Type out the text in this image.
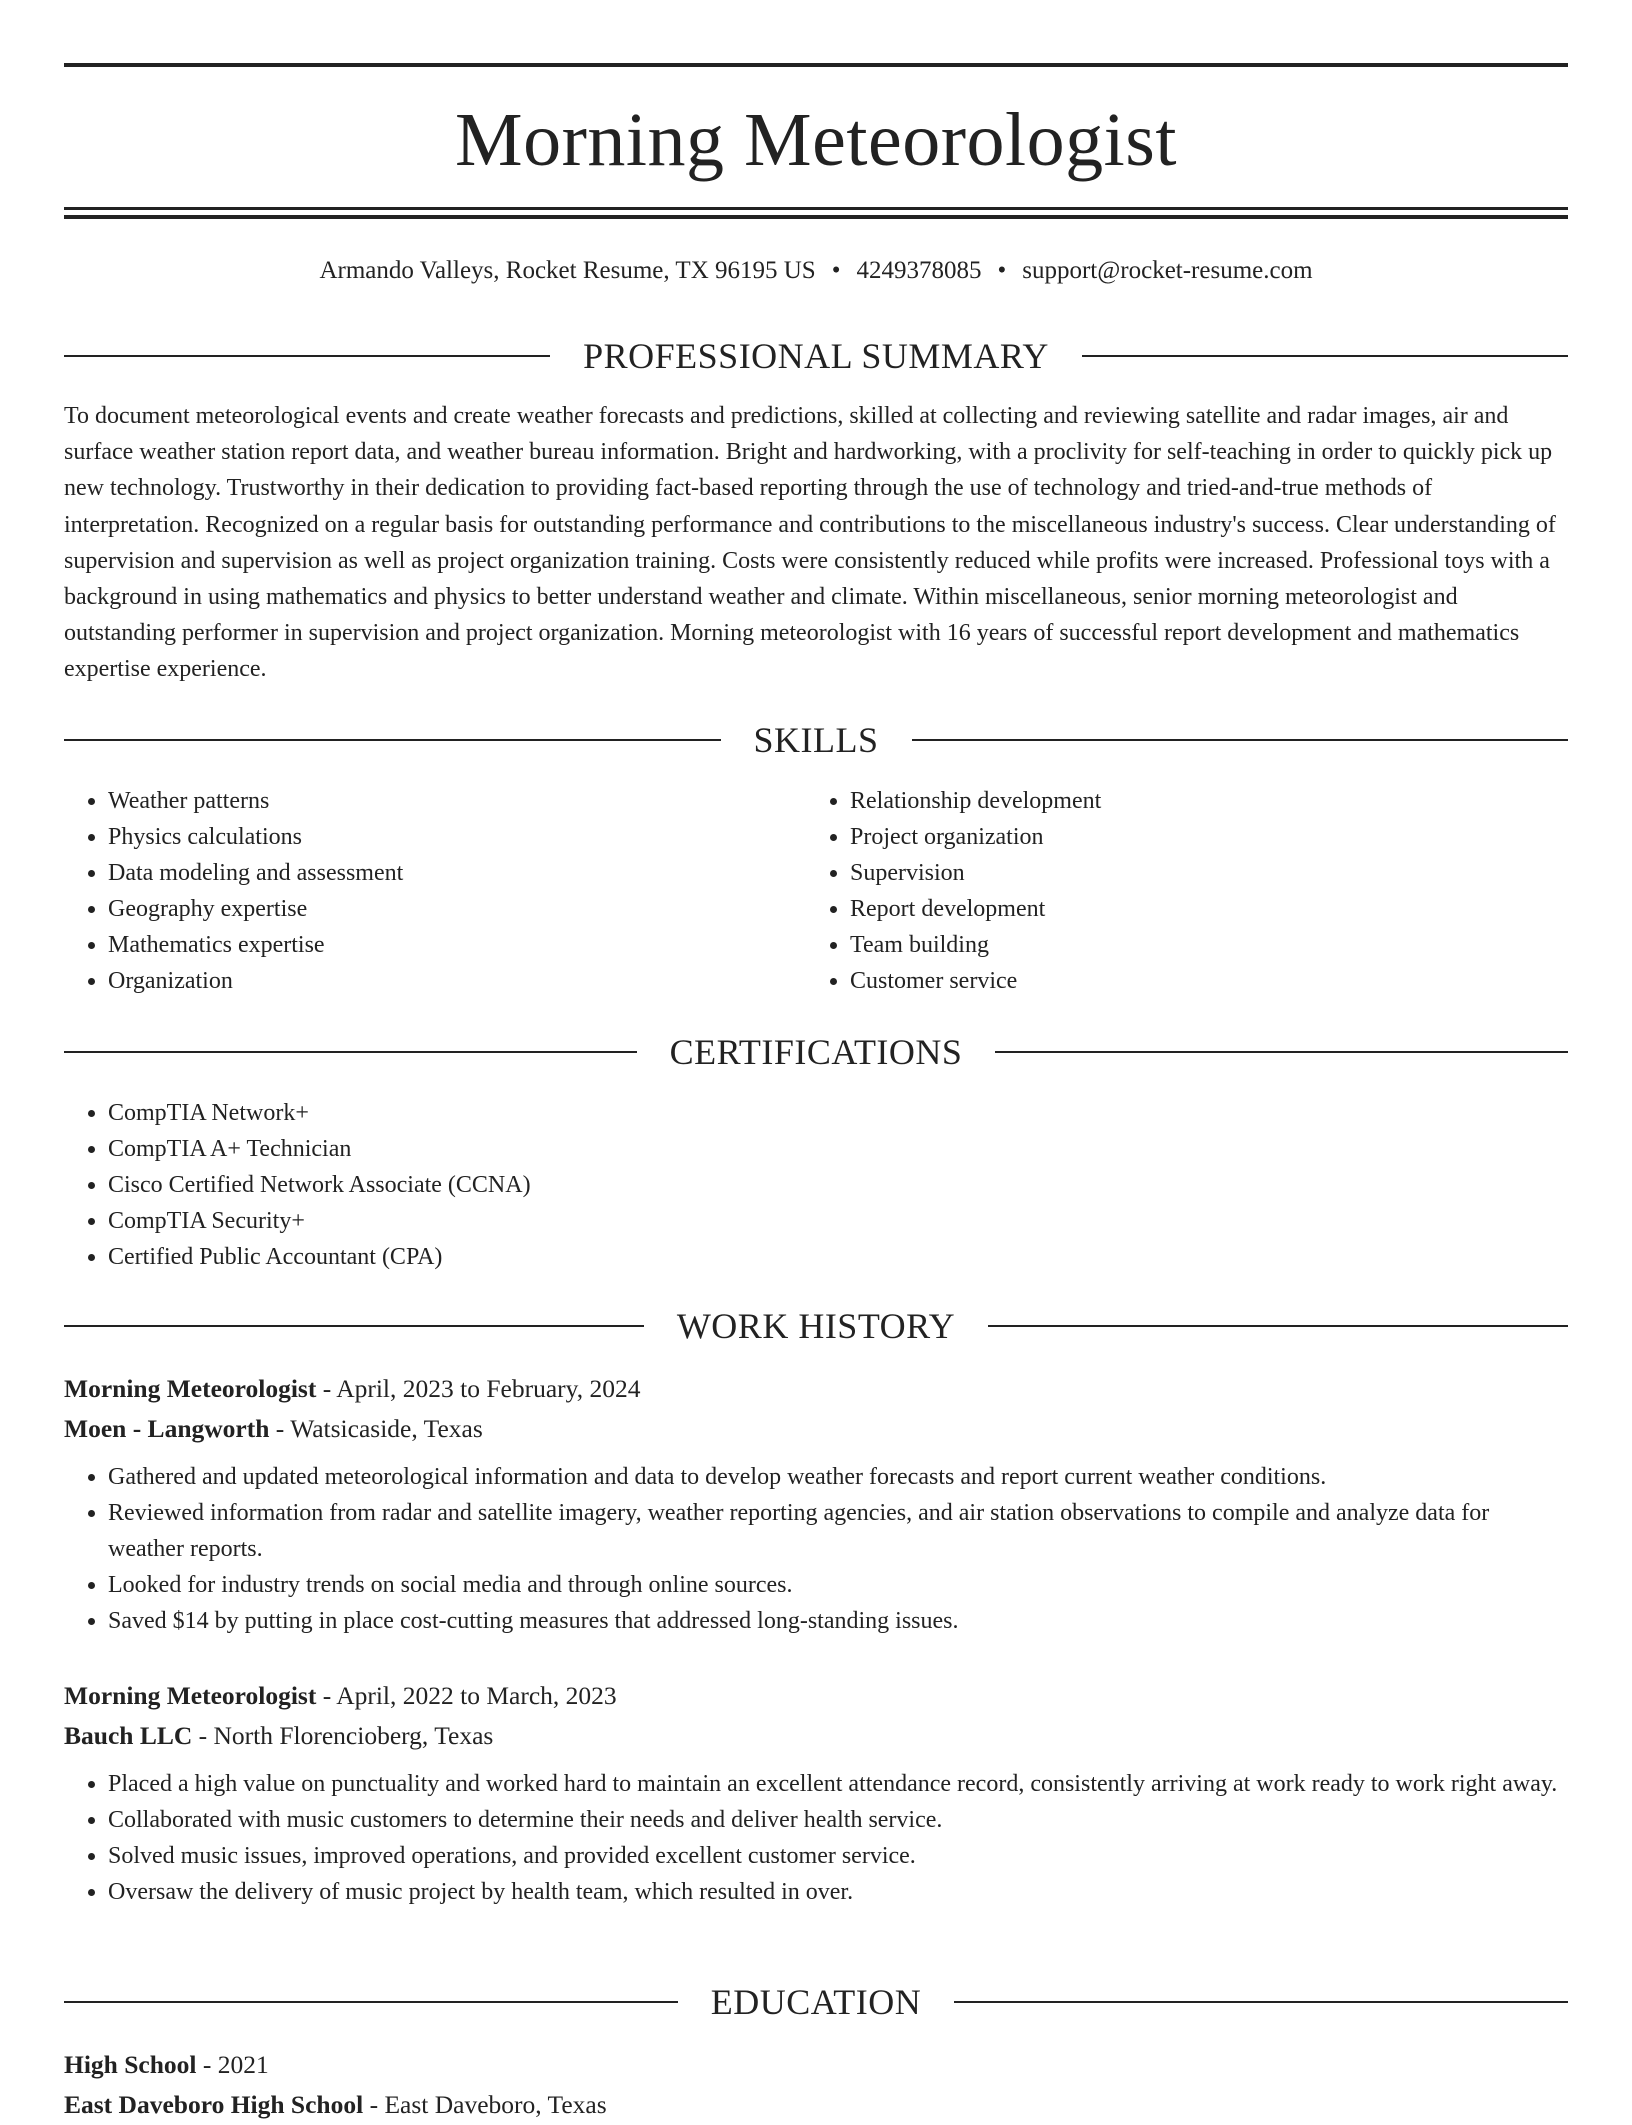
Morning Meteorologist
Armando Valleys, Rocket Resume, TX 96195 US • 4249378085 • support@rocket-resume.com
PROFESSIONAL SUMMARY

To document meteorological events and create weather forecasts and predictions, skilled at collecting and reviewing satellite and radar images, air and surface weather station report data, and weather bureau information. Bright and hardworking, with a proclivity for self-teaching in order to quickly pick up new technology. Trustworthy in their dedication to providing fact-based reporting through the use of technology and tried-and-true methods of interpretation. Recognized on a regular basis for outstanding performance and contributions to the miscellaneous industry's success. Clear understanding of supervision and supervision as well as project organization training. Costs were consistently reduced while profits were increased. Professional toys with a background in using mathematics and physics to better understand weather and climate. Within miscellaneous, senior morning meteorologist and outstanding performer in supervision and project organization. Morning meteorologist with 16 years of successful report development and mathematics expertise experience.

SKILLS
• Weather patterns
• Physics calculations
• Data modeling and assessment
• Geography expertise
• Mathematics expertise
• Organization
• Relationship development
• Project organization
• Supervision
• Report development
• Team building
• Customer service
CERTIFICATIONS
• CompTIA Network+
• CompTIA A+ Technician
• Cisco Certified Network Associate (CCNA)
• CompTIA Security+
• Certified Public Accountant (CPA)
WORK HISTORY
Morning Meteorologist - April, 2023 to February, 2024
Moen - Langworth - Watsicaside, Texas
• Gathered and updated meteorological information and data to develop weather forecasts and report current weather conditions.
• Reviewed information from radar and satellite imagery, weather reporting agencies, and air station observations to compile and analyze data for weather reports.
• Looked for industry trends on social media and through online sources.
• Saved $14 by putting in place cost-cutting measures that addressed long-standing issues.
Morning Meteorologist - April, 2022 to March, 2023
Bauch LLC - North Florencioberg, Texas
• Placed a high value on punctuality and worked hard to maintain an excellent attendance record, consistently arriving at work ready to work right away.
• Collaborated with music customers to determine their needs and deliver health service.
• Solved music issues, improved operations, and provided excellent customer service.
• Oversaw the delivery of music project by health team, which resulted in over.
EDUCATION
High School - 2021
East Daveboro High School - East Daveboro, Texas
